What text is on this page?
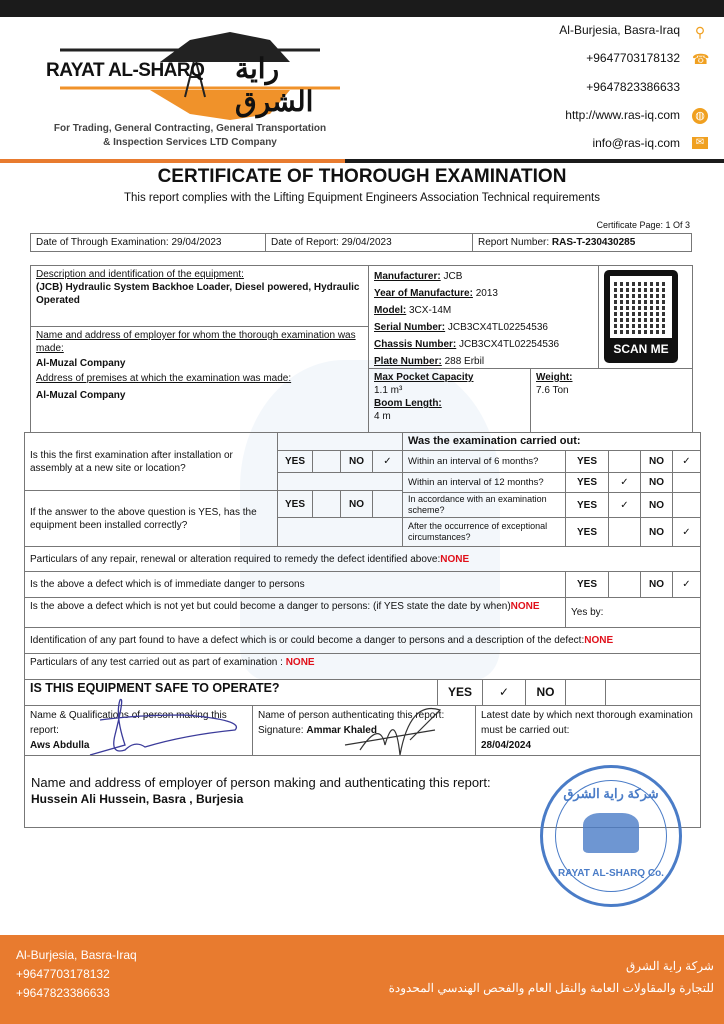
RAYAT AL-SHARQ راية الشرق
For Trading, General Contracting, General Transportation
& Inspection Services LTD Company
Al-Burjesia, Basra-Iraq ⚲
+9647703178132 ☎
+9647823386633
http://www.ras-iq.com ◍
info@ras-iq.com	✉
CERTIFICATE OF THOROUGH EXAMINATION
This report complies with the Lifting Equipment Engineers Association Technical requirements
Certificate Page: 1 Of 3
Date of Through Examination: 29/04/2023	Date of Report: 29/04/2023	Report Number:
RAS-T-230430285
Description and identification of the equipment:
(JCB) Hydraulic System Backhoe Loader, Diesel powered, Hydraulic Operated
Name and address of employer for whom the thorough examination was made:
Al-Muzal Company
Address of premises at which the examination was made:
Al-Muzal Company
Manufacturer: JCB
Year of Manufacture: 2013
Model: 3CX-14M
Serial Number: JCB3CX4TL02254536
Chassis Number: JCB3CX4TL02254536
Plate Number: 288 Erbil
SCAN ME
Max Pocket Capacity
1.1 m³
Boom Length:
4 m
Weight:
7.6 Ton
Is this the first examination after installation or assembly at a new site or location?
If the answer to the above question is YES, has the equipment been installed correctly?
YES	NO	✓
YES	NO
Was the examination carried out:
Within an interval of 6 months?	YES	NO	✓
Within an interval of 12 months?	YES	✓	NO
In accordance with an examination scheme?	YES	✓	NO
After the occurrence of exceptional circumstances?	YES	NO	✓
Particulars of any repair, renewal or alteration required to remedy the defect identified above: NONE
Is the above a defect which is of immediate danger to persons	YES	NO	✓
Is the above a defect which is not yet but could become a danger to persons: (if YES state the date by when)NONE
Yes by:
Identification of any part found to have a defect which is or could become a danger to persons and a description of the defect: NONE
Particulars of any test carried out as part of examination : NONE
IS THIS EQUIPMENT SAFE TO OPERATE?	YES	✓	NO
Name & Qualifications of person making this report:
Aws Abdulla
Name of person authenticating this report:
Signature: Ammar Khaled
Latest date by which next thorough examination must be carried out:
28/04/2024
Name and address of employer of person making and authenticating this report:
Hussein Ali Hussein, Basra , Burjesia	شركة راية الشرق
RAYAT AL-SHARQ Co.
Al-Burjesia, Basra-Iraq
+9647703178132
+9647823386633
شركة راية الشرق
للتجارة والمقاولات العامة والنقل العام والفحص الهندسي المحدودة
